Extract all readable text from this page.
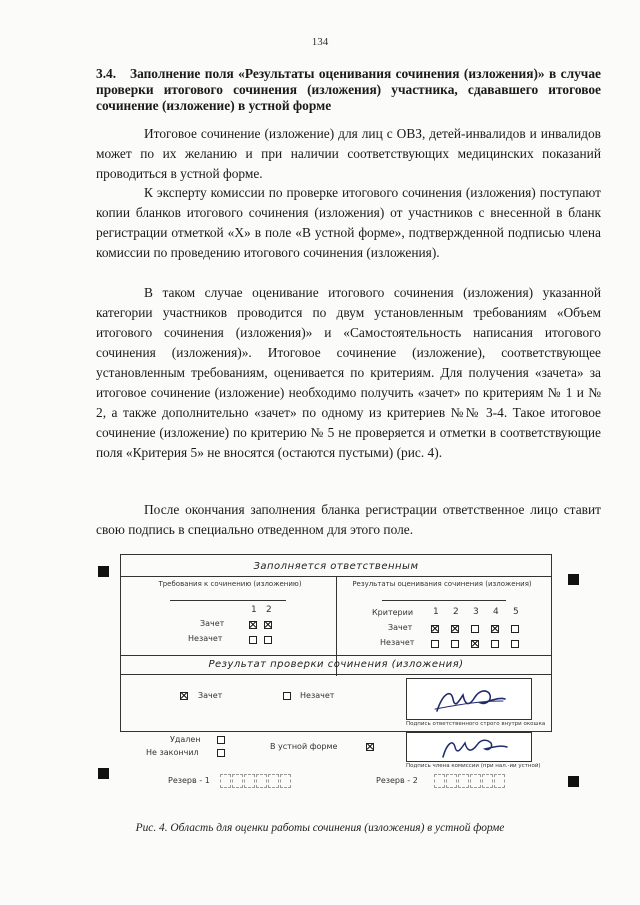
134

3.4. Заполнение поля «Результаты оценивания сочинения (изложения)» в случае проверки итогового сочинения (изложения) участника, сдававшего итоговое сочинение (изложение) в устной форме

Итоговое сочинение (изложение) для лиц с ОВЗ, детей-инвалидов и инвалидов может по их желанию и при наличии соответствующих медицинских показаний проводиться в устной форме.

К эксперту комиссии по проверке итогового сочинения (изложения) поступают копии бланков итогового сочинения (изложения) от участников с внесенной в бланк регистрации отметкой «Х» в поле «В устной форме», подтвержденной подписью члена комиссии по проведению итогового сочинения (изложения).

В таком случае оценивание итогового сочинения (изложения) указанной категории участников проводится по двум установленным требованиям «Объем итогового сочинения (изложения)» и «Самостоятельность написания итогового сочинения (изложения)». Итоговое сочинение (изложение), соответствующее установленным требованиям, оценивается по критериям. Для получения «зачета» за итоговое сочинение (изложение) необходимо получить «зачет» по критериям № 1 и № 2, а также дополнительно «зачет» по одному из критериев №№ 3-4. Такое итоговое сочинение (изложение) по критерию № 5 не проверяется и отметки в соответствующие поля «Критерия 5» не вносятся (остаются пустыми) (рис. 4).

После окончания заполнения бланка регистрации ответственное лицо ставит свою подпись в специально отведенном для этого поле.

Заполняется ответственным
Требования к сочинению (изложению)
1 2
Зачет
Незачет
Результаты оценивания сочинения (изложения)
Критерии 1 2 3 4 5
Зачет
Незачет
Результат проверки сочинения (изложения)
Зачет	Незачет
Подпись ответственного строго внутри окошка
Удален
Не закончил
В устной форме
Подпись члена комиссии (при нал.-ии устной)
Резерв - 1	Резерв - 2
Рис. 4. Область для оценки работы сочинения (изложения) в устной форме
